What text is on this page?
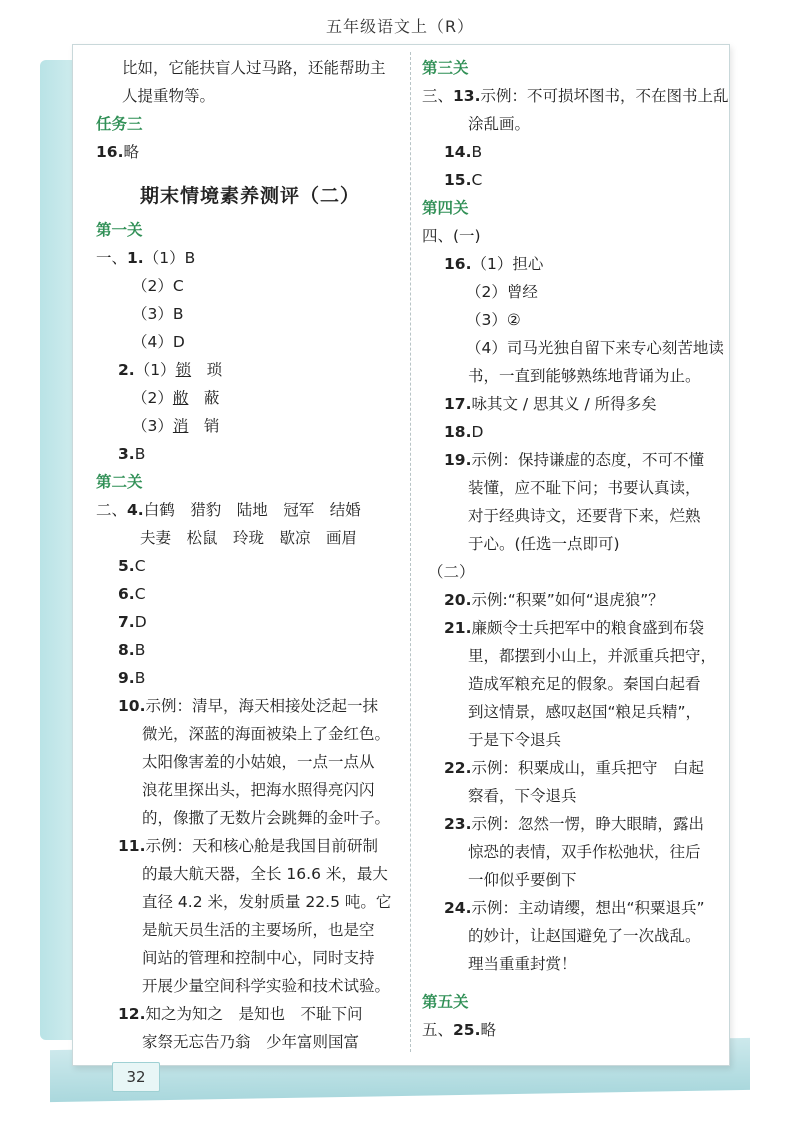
五年级语文上（R）
32
比如，它能扶盲人过马路，还能帮助主
人提重物等。
任务三
16.略
期末情境素养测评（二）
第一关
一、1.（1）B
（2）C
（3）B
（4）D
2.（1）锁　 琐
（2）敝　 蔽
（3）消　 销
3.B
第二关
二、4.白鹤　猎豹　陆地　冠军　结婚
夫妻　松鼠　玲珑　歇凉　画眉
5.C
6.C
7.D
8.B
9.B
10.示例：清早，海天相接处泛起一抹
微光，深蓝的海面被染上了金红色。
太阳像害羞的小姑娘，一点一点从
浪花里探出头，把海水照得亮闪闪
的，像撒了无数片会跳舞的金叶子。
11.示例：天和核心舱是我国目前研制
的最大航天器，全长 16.6 米，最大
直径 4.2 米，发射质量 22.5 吨。它
是航天员生活的主要场所，也是空
间站的管理和控制中心，同时支持
开展少量空间科学实验和技术试验。
12.知之为知之　是知也　不耻下问
家祭无忘告乃翁　少年富则国富
第三关
三、13.示例：不可损坏图书，不在图书上乱
涂乱画。
14.B
15.C
第四关
四、(一)
16.（1）担心
（2）曾经
（3）②
（4）司马光独自留下来专心刻苦地读
书，一直到能够熟练地背诵为止。
17.咏其文 / 思其义 / 所得多矣
18.D
19.示例：保持谦虚的态度，不可不懂
装懂，应不耻下问；书要认真读，
对于经典诗文，还要背下来，烂熟
于心。(任选一点即可)
（二）
20.示例:“积粟”如何“退虎狼”？
21.廉颇令士兵把军中的粮食盛到布袋
里，都摆到小山上，并派重兵把守，
造成军粮充足的假象。秦国白起看
到这情景，感叹赵国“粮足兵精”，
于是下令退兵
22.示例：积粟成山，重兵把守　白起
察看，下令退兵
23.示例：忽然一愣，睁大眼睛，露出
惊恐的表情，双手作松弛状，往后
一仰似乎要倒下
24.示例：主动请缨，想出“积粟退兵”
的妙计，让赵国避免了一次战乱。
理当重重封赏！
第五关
五、25.略
